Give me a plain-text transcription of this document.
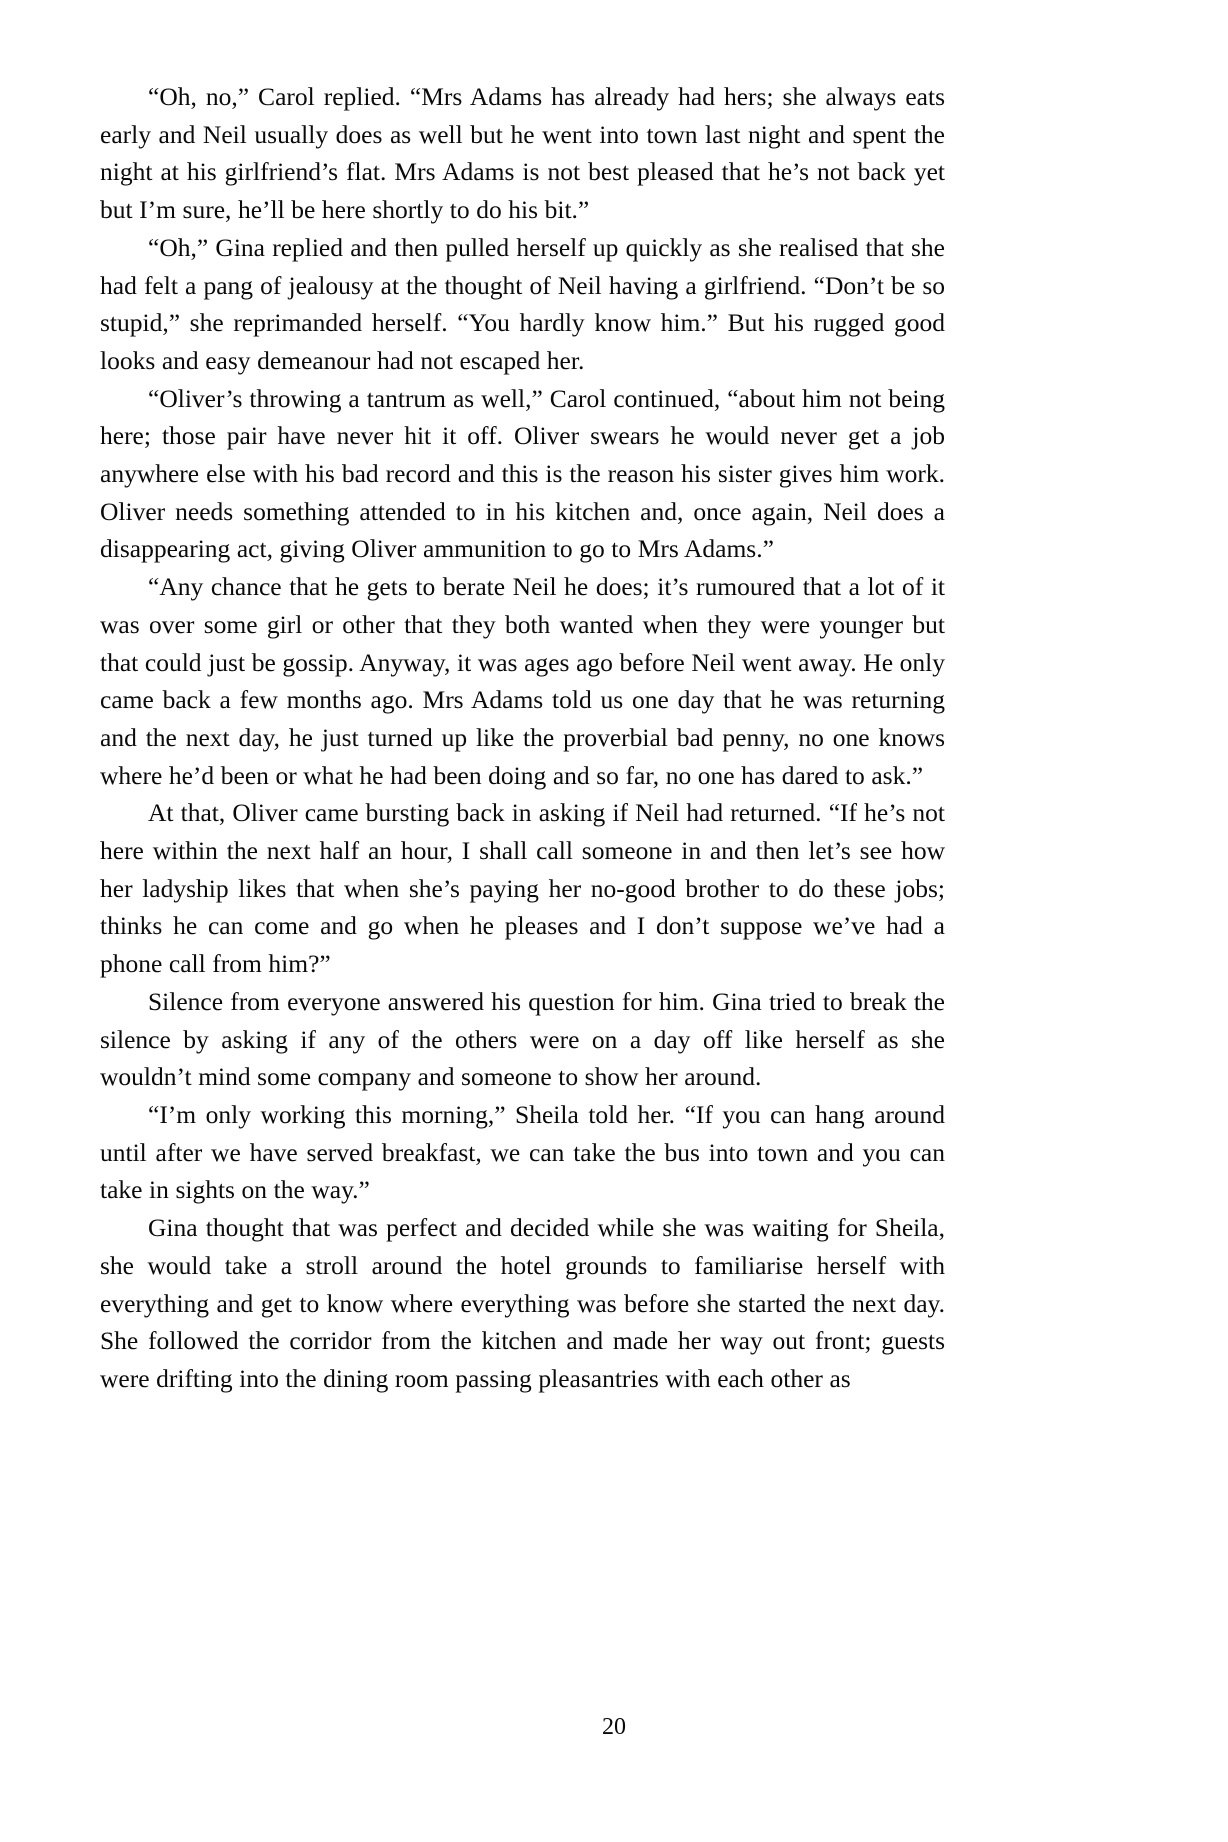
“Oh, no,” Carol replied. “Mrs Adams has already had hers; she always eats early and Neil usually does as well but he went into town last night and spent the night at his girlfriend’s flat. Mrs Adams is not best pleased that he’s not back yet but I’m sure, he’ll be here shortly to do his bit.”

“Oh,” Gina replied and then pulled herself up quickly as she realised that she had felt a pang of jealousy at the thought of Neil having a girlfriend. “Don’t be so stupid,” she reprimanded herself. “You hardly know him.” But his rugged good looks and easy demeanour had not escaped her.

“Oliver’s throwing a tantrum as well,” Carol continued, “about him not being here; those pair have never hit it off. Oliver swears he would never get a job anywhere else with his bad record and this is the reason his sister gives him work. Oliver needs something attended to in his kitchen and, once again, Neil does a disappearing act, giving Oliver ammunition to go to Mrs Adams.”

“Any chance that he gets to berate Neil he does; it’s rumoured that a lot of it was over some girl or other that they both wanted when they were younger but that could just be gossip. Anyway, it was ages ago before Neil went away. He only came back a few months ago. Mrs Adams told us one day that he was returning and the next day, he just turned up like the proverbial bad penny, no one knows where he’d been or what he had been doing and so far, no one has dared to ask.”

At that, Oliver came bursting back in asking if Neil had returned. “If he’s not here within the next half an hour, I shall call someone in and then let’s see how her ladyship likes that when she’s paying her no-good brother to do these jobs; thinks he can come and go when he pleases and I don’t suppose we’ve had a phone call from him?”

Silence from everyone answered his question for him. Gina tried to break the silence by asking if any of the others were on a day off like herself as she wouldn’t mind some company and someone to show her around.

“I’m only working this morning,” Sheila told her. “If you can hang around until after we have served breakfast, we can take the bus into town and you can take in sights on the way.”

Gina thought that was perfect and decided while she was waiting for Sheila, she would take a stroll around the hotel grounds to familiarise herself with everything and get to know where everything was before she started the next day. She followed the corridor from the kitchen and made her way out front; guests were drifting into the dining room passing pleasantries with each other as

20
